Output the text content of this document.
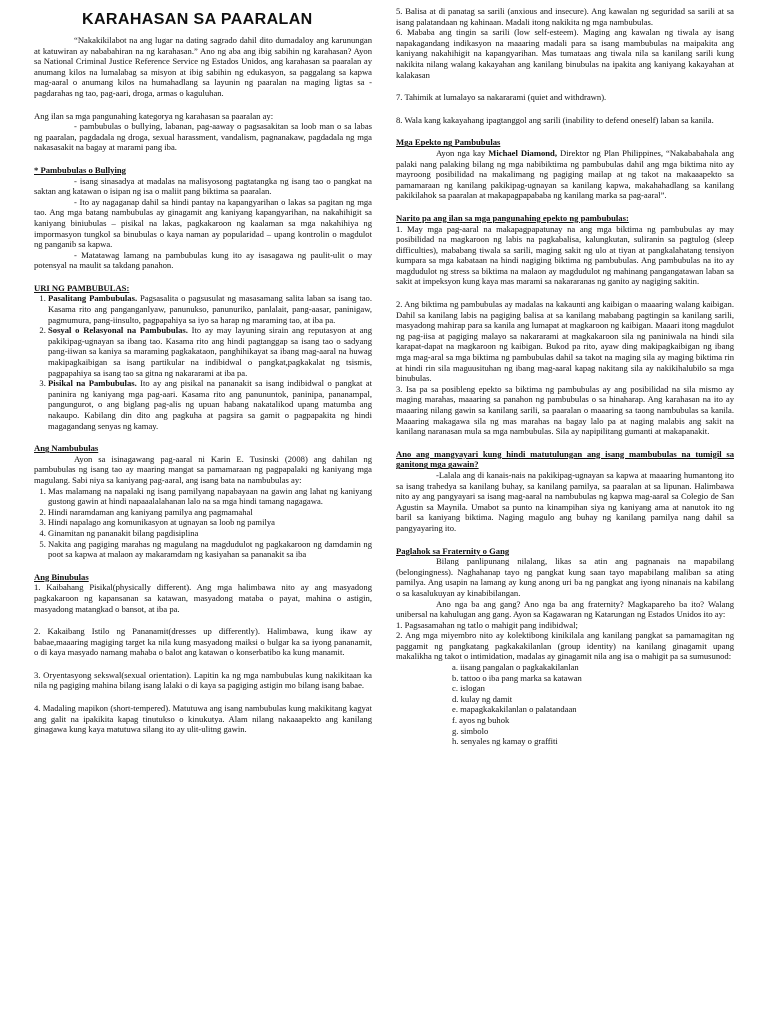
KARAHASAN SA PAARALAN

“Nakakikilabot na ang lugar na dating sagrado dahil dito dumadaloy ang karunungan at katuwiran ay nababahiran na ng karahasan.” Ano ng aba ang ibig sabihin ng karahasan? Ayon sa National Criminal Justice Reference Service ng Estados Unidos, ang karahasan sa paaralan ay anumang kilos na lumalabag sa misyon at ibig sabihin ng edukasyon, sa paggalang sa kapwa mag-aaral o anumang kilos na humahadlang sa layunin ng paaralan na maging ligtas sa - pagdarahas ng tao, pag-aari, droga, armas o kaguluhan.

Ang ilan sa mga pangunahing kategorya ng karahasan sa paaralan ay:

- pambubulas o bullying, labanan, pag-aaway o pagsasakitan sa loob man o sa labas ng paaralan, pagdadala ng droga, sexual harassment, vandalism, pagnanakaw, pagdadala ng mga nakasasakit na bagay at marami pang iba.

* Pambubulas o Bullying

- isang sinasadya at madalas na malisyosong pagtatangka ng isang tao o pangkat na saktan ang katawan o isipan ng isa o maliit pang biktima sa paaralan.

- Ito ay nagaganap dahil sa hindi pantay na kapangyarihan o lakas sa pagitan ng mga tao. Ang mga batang nambubulas ay ginagamit ang kaniyang kapangyarihan, na nakahihigit sa kaniyang biniubulas – pisikal na lakas, pagkakaroon ng kaalaman sa mga nakahihiya ng impormasyon tungkol sa binubulas o kaya naman ay popularidad – upang kontrolin o magdulot ng panganib sa kapwa.

- Matatawag lamang na pambubulas kung ito ay isasagawa ng paulit-ulit o may potensyal na maulit sa takdang panahon.

URI NG PAMBUBULAS:

1. Pasalitang Pambubulas. Pagsasalita o pagsusulat ng masasamang salita laban sa isang tao. Kasama rito ang panganganlyaw, panunukso, panunuriko, panlalait, pang-aasar, paninigaw, pagmumura, pang-iinsulto, pagpapahiya sa iyo sa harap ng maraming tao, at iba pa.
2. Sosyal o Relasyonal na Pambubulas. Ito ay may layuning sirain ang reputasyon at ang pakikipag-ugnayan sa ibang tao. Kasama rito ang hindi pagtanggap sa isang tao o sadyang pang-iiwan sa kaniya sa maraming pagkakataon, panghihikayat sa ibang mag-aaral na huwag makipagkaibigan sa isang partikular na indibidwal o pangkat,pagkakalat ng tsismis, pagpapahiya sa isang tao sa gitna ng nakararami at iba pa.
3. Pisikal na Pambubulas. Ito ay ang pisikal na pananakit sa isang indibidwal o pangkat at paninira ng kaniyang mga pag-aari. Kasama rito ang panununtok, paninipa, pananampal, pangungurot, o ang biglang pag-alis ng upuan habang nakatalikod upang matumba ang nakaupo. Kabilang din dito ang pagkuha at pagsira sa gamit o pagpapakita ng hindi magagandang senyas ng kamay.

Ang Nambubulas

Ayon sa isinagawang pag-aaral ni Karin E. Tusinski (2008) ang dahilan ng pambubulas ng isang tao ay maaring mangat sa pamamaraan ng pagpapalaki ng kaniyang mga magulang. Sabi niya sa kaniyang pag-aaral, ang isang bata na nambubulas ay:

1. Mas malamang na napalaki ng isang pamilyang napabayaan na gawin ang lahat ng kaniyang gustong gawin at hindi napaaalalahanan lalo na sa mga hindi tamang nagagawa.
2. Hindi naramdaman ang kaniyang pamilya ang pagmamahal
3. Hindi napalago ang komunikasyon at ugnayan sa loob ng pamilya
4. Ginamitan ng pananakit bilang pagdisiplina
5. Nakita ang pagiging marahas ng magulang na magdudulot ng pagkakaroon ng damdamin ng poot sa kapwa at malaon ay makaramdam ng kasiyahan sa pananakit sa iba

Ang Binubulas

1. Kaibahang Pisikal(physically different). Ang mga halimbawa nito ay ang masyadong pagkakaroon ng kapansanan sa katawan, masyadong mataba o payat, mahina o astigin, masyadong matangkad o bansot, at iba pa.

2. Kakaibang Istilo ng Pananamit(dresses up differently). Halimbawa, kung ikaw ay babae,maaaring magiging target ka nila kung masyadong maiksi o bulgar ka sa iyong pananamit, o di kaya masyado namang mahaba o balot ang katawan o konserbatibo ka kung manamit.

3. Oryentasyong sekswal(sexual orientation). Lapitin ka ng mga nambubulas kung nakikitaan ka nila ng pagiging mahina bilang isang lalaki o di kaya sa pagiging astigin mo bilang isang babae.

4. Madaling mapikon (short-tempered). Matutuwa ang isang nambubulas kung makikitang kagyat ang galit na ipakikita kapag tinutukso o kinukutya. Alam nilang nakaaapekto ang kanilang ginagawa kung kaya matutuwa silang ito ay ulit-ulitng gawin.

5. Balisa at di panatag sa sarili (anxious and insecure). Ang kawalan ng seguridad sa sarili at sa isang palatandaan ng kahinaan. Madali itong nakikita ng mga nambubulas.

6. Mababa ang tingin sa sarili (low self-esteem). Maging ang kawalan ng tiwala ay isang napakagandang indikasyon na maaaring madali para sa isang mambubulas na maipakita ang kaniyang nakahihigit na kapangyarihan. Mas tumataas ang tiwala nila sa kanilang sarili kung nakikita nilang walang kakayahan ang kanilang binubulas na ipakita ang kaniyang kakayahan at kalakasan

7. Tahimik at lumalayo sa nakararami (quiet and withdrawn).

8. Wala kang kakayahang ipagtanggol ang sarili (inability to defend oneself) laban sa kanila.

Mga Epekto ng Pambubulas

Ayon nga kay Michael Diamond, Direktor ng Plan Philippines, “Nakababahala ang palaki nang palaking bilang ng mga nabibiktima ng pambubulas dahil ang mga biktima nito ay mayroong posibilidad na makalimang ng pagiging mailap at ng takot na makaaapekto sa pamamaraan ng kanilang pakikipag-ugnayan sa kanilang kapwa, makahahadlang sa kanilang pakikilahok sa paaralan at makapagpapababa ng kanilang marka sa pag-aaral”.

Narito pa ang ilan sa mga pangunahing epekto ng pambubulas:

1. May mga pag-aaral na makapagpapatunay na ang mga biktima ng pambubulas ay may posibilidad na magkaroon ng labis na pagkabalisa, kalungkutan, suliranin sa pagtulog (sleep difficulties), mababang tiwala sa sarili, maging sakit ng ulo at tiyan at pangkalahatang tensiyon kumpara sa mga kabataan na hindi nagiging biktima ng pambubulas. Ang pambubulas na ito ay magdudulot ng stress sa biktima na malaon ay magdudulot ng mahinang pangangatawan laban sa sakit at impeksyon kung kaya mas marami sa nakararanas ng ganito ay nagiging sakitin.

2. Ang biktima ng pambubulas ay madalas na kakaunti ang kaibigan o maaaring walang kaibigan. Dahil sa kanilang labis na pagiging balisa at sa kanilang mababang pagtingin sa kanilang sarili, masyadong mahirap para sa kanila ang lumapat at magkaroon ng kaibigan. Maaari itong magdulot ng pag-iisa at pagiging malayo sa nakararami at magkakaroon sila ng paniniwala na hindi sila karapat-dapat na magkaroon ng kaibigan. Bukod pa rito, ayaw ding makipagkaibigan ng ibang mga mag-aral sa mga biktima ng pambubulas dahil sa takot na maging sila ay maging biktima rin at hindi rin sila maguusituhan ng ibang mag-aaral kapag nakitang sila ay nakikihalubilo sa mga binubulas.

3. Isa pa sa posibleng epekto sa biktima ng pambubulas ay ang posibilidad na sila mismo ay maging marahas, maaaring sa panahon ng pambubulas o sa hinaharap. Ang karahasan na ito ay maaaring nilang gawin sa kanilang sarili, sa paaralan o maaaring sa taong nambubulas sa kanila. Maaaring makagawa sila ng mas marahas na bagay lalo pa at naging malabis ang sakit na kanilang naranasan mula sa mga nambubulas. Sila ay napipilitang gumanti at makapanakit.

Ano ang mangyayari kung hindi matutulungan ang isang mambubulas na tumigil sa ganitong mga gawain?

-Lalala ang di kanais-nais na pakikipag-ugnayan sa kapwa at maaaring humantong ito sa isang trahedya sa kanilang buhay, sa kanilang pamilya, sa paaralan at sa lipunan. Halimbawa nito ay ang pangyayari sa isang mag-aaral na nambubulas ng kapwa mag-aaral sa Colegio de San Agustin sa Maynila. Umabot sa punto na kinampihan siya ng kaniyang ama at nanutok ito ng baril sa kaniyang biktima. Naging magulo ang buhay ng kanilang pamilya nang dahil sa pangyayaring ito.

Paglahok sa Fraternity o Gang

Bilang panlipunang nilalang, likas sa atin ang pagnanais na mapabilang (belongingness). Naghahanap tayo ng pangkat kung saan tayo mapabilang maliban sa ating pamilya. Ang usapin na lamang ay kung anong uri ba ng pangkat ang iyong ninanais na kabilang o sa kasalukuyan ay kinabibilangan.

Ano nga ba ang gang? Ano nga ba ang fraternity? Magkapareho ba ito? Walang unibersal na kahulugan ang gang. Ayon sa Kagawaran ng Katarungan ng Estados Unidos ito ay:

1. Pagsasamahan ng tatlo o mahigit pang indibidwal;

2. Ang mga miyembro nito ay kolektibong kinikilala ang kanilang pangkat sa pamamagitan ng paggamit ng pangkatang pagkakakilanlan (group identity) na kanilang ginagamit upang makalikha ng takot o intimidation, madalas ay ginagamit nila ang isa o mahigit pa sa sumusunod:

a. iisang pangalan o pagkakakilanlan
b. tattoo o iba pang marka sa katawan
c. islogan
d. kulay ng damit
e. mapagkakakilanlan o palatandaan
f. ayos ng buhok
g. simbolo
h. senyales ng kamay o graffiti
